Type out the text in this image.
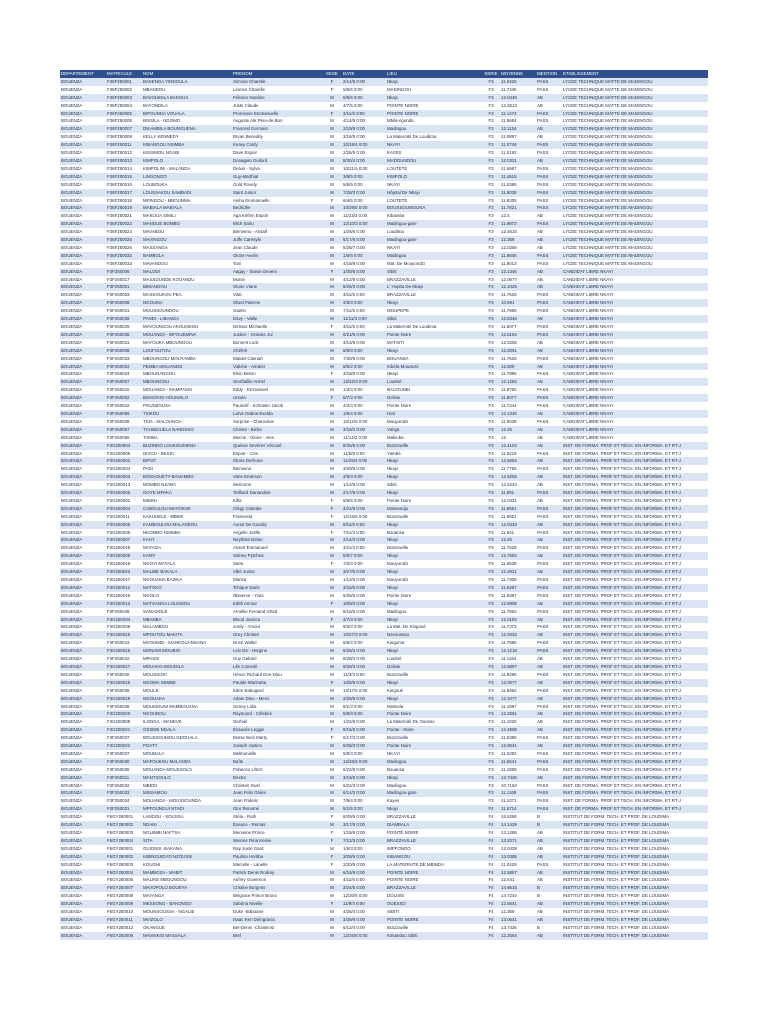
DEPARTEMENT	MATRICULE	NOM	PRENOM	SEXE	DATE	LIEU	SERIE	MOYENNE	MENTION	ETABLISSEMENT
BOUENZA	F36F250001	BAKENGA YINDOULA	Simone Charelle	F	2/14/5 0:00	Nkayi	F3	11.0425	PASS	LYCEE TECHNIQUE MATTE DE MADINGOU
BOUENZA	F36F250002	MBANDOU	Léonce Charelle	F	5/9/6 0:00	MADINGOU	F3	11.7436	PASS	LYCEE TECHNIQUE MATTE DE MADINGOU
BOUENZA	F36F250003	BAVOUIDILA BAKOUA	Félicien Nardine	M	6/5/6 0:00	Nkayi	F3	12.0449	AB	LYCEE TECHNIQUE MATTE DE MADINGOU
BOUENZA	F36F250004	BAYONDILA	Juste Claude	M	4/7/6 0:00	POINTE NOIRE	F3	12.2513	AB	LYCEE TECHNIQUE MATTE DE MADINGOU
BOUENZA	F36F250005	BIPOUNDA VOUALA	Promesse Emmanuelle	F	3/11/5 0:00	POINTE NOIRE	F3	11.1474	PASS	LYCEE TECHNIQUE MATTE DE MADINGOU
BOUENZA	F36F250006	BISSILA - NGOMO	Auguste Aïk Père-de-Bon	M	4/14/5 0:00	Mbila-ngonda	F3	11.8654	PASS	LYCEE TECHNIQUE MATTE DE MADINGOU
BOUENZA	F36F250007	DIKAMBILA BOUNGUENA	Francesl Germain	M	3/19/5 0:00	Madingou	F3	12.1154	AB	LYCEE TECHNIQUE MATTE DE MADINGOU
BOUENZA	F36F250008	KELLY KENNEDY	Bryan Benedity	M	3/16/5 0:00	La Maternité De Loudima	F3	11.0897	AB	LYCEE TECHNIQUE MATTE DE MADINGOU
BOUENZA	F36F250011	KIBANGOU NSIMBA	Keavy Cindy	M	10/19/4 0:00	NKAYI	F3	11.0748	PASS	LYCEE TECHNIQUE MATTE DE MADINGOU
BOUENZA	F36F250012	KISSIMOU NGABI	Dave Espoir	M	2/26/5 0:00	KAYES	F3	11.5192	PASS	LYCEE TECHNIQUE MATTE DE MADINGOU
BOUENZA	F36F250013	KIMPOLO	Donagelo Guilord	M	8/30/4 0:00	MADOUNDOU	F3	12.0321	AB	LYCEE TECHNIQUE MATTE DE MADINGOU
BOUENZA	F36F250014	KIMPOLINI - MALANDA	Delvin - Sylva	M	10/21/4 0:00	LOUTETE	F3	11.6667	PASS	LYCEE TECHNIQUE MATTE DE MADINGOU
BOUENZA	F36F250015	LINGONGO	Guy-Marthial	M	3/8/5 0:00	KIMPOLO	F3	11.4615	PASS	LYCEE TECHNIQUE MATTE DE MADINGOU
BOUENZA	F36F250016	LOUBOUKA	Gold Rovely	M	5/5/5 0:00	NKAYI	F3	11.5385	PASS	LYCEE TECHNIQUE MATTE DE MADINGOU
BOUENZA	F36F250017	LOUSSAKOU SAMBADI	Saint Junior	M	7/28/3 0:00	Hôpital De Nkayi	F3	11.9038	PASS	LYCEE TECHNIQUE MATTE DE MADINGOU
BOUENZA	F36F250018	MFINGOU - MBOUNMA	Aisha Emmanuelle	F	6/4/5 0:00	LOUTETE	F3	11.8205	PASS	LYCEE TECHNIQUE MATTE DE MADINGOU
BOUENZA	F36F250019	MABIALA MABIALA	Bedridhe	M	10/29/5 0:00	BOUSSOUMOUNA	F3	11.7821	PASS	LYCEE TECHNIQUE MATTE DE MADINGOU
BOUENZA	F36F250021	MAKOUA SIMILI	Aga Kéfrim Espoir	M	11/23/3 0:00	Kibamba	F3	12.5	AB	LYCEE TECHNIQUE MATTE DE MADINGOU
BOUENZA	F36F250022	MANGUE BOMBO	Mich Sairu	M	12/10/3 0:00	Madingou-gare	F3	11.9872	PASS	LYCEE TECHNIQUE MATTE DE MADINGOU
BOUENZA	F36F250024	MAVABOU	Bienvenu - Assalf	M	1/25/6 0:00	Loudima	F3	12.4615	AB	LYCEE TECHNIQUE MATTE DE MADINGOU
BOUENZA	F36F250025	MAVINGOU	Juffe Caresyle	M	6/17/5 0:00	Madingou-gare	F3	12.359	AB	LYCEE TECHNIQUE MATTE DE MADINGOU
BOUENZA	F36F250026	MASSANGA	Jean Claude	M	5/28/7 0:00	NKAYI	F3	12.0256	AB	LYCEE TECHNIQUE MATTE DE MADINGOU
BOUENZA	F36F250032	BAMBOLA	Gloire-Avelin	M	1/5/6 0:00	Madingou	F3	11.8846	PASS	LYCEE TECHNIQUE MATTE DE MADINGOU
BOUENZA	F36F250033	MAVANDOU	Toni	M	4/19/6 0:00	Mat. De Mouyondzi	F3	11.8013	PASS	LYCEE TECHNIQUE MATTE DE MADINGOU
BOUENZA	F3F250006	MALODI	Aagay - Sarvie Devers	F	1/30/5 0:00	Sibiti	F3	12.1346	AB	CANDIDAT LIBRE NKAYI
BOUENZA	F3F250017	MASSOUNDE KOUANDU	Moïse	M	4/12/5 0:00	BRAZZAVILLE	F3	12.0577	AB	CANDIDAT LIBRE NKAYI
BOUENZA	F3F250001	BIMANGOU	Gloire Viane	M	6/28/3 0:00	L' Hopita De Nkayi	F3	12.1026	AB	CANDIDAT LIBRE NKAYI
BOUENZA	F3F250003	MASSOUKOU PEA	Vital	M	3/11/5 0:00	BRAZZAVILLE	F3	11.7628	PASS	CANDIDAT LIBRE NKAYI
BOUENZA	F3F250008	NGOUMA	Obed Paterne	M	4/5/3 0:00	Nkayi	F3	10.891	PASS	CANDIDAT LIBRE NKAYI
BOUENZA	F3F250041	MOUSSOUNDOU	Gaetin	M	7/11/5 0:00	MOUPEPE	F3	11.7885	PASS	CANDIDAT LIBRE NKAYI
BOUENZA	F3F250039	PANDI - LIBANGA	Davy - Vallie	M	11/11/3 0:00	Sibiti	F3	12.6346	AB	CANDIDAT LIBRE NKAYI
BOUENZA	F3F250029	MAVOUNGOU AKOUNDOU	Delsios Michaelle	F	3/11/5 0:00	La Maternité De Loudima	F3	11.6077	PASS	CANDIDAT LIBRE NKAYI
BOUENZA	F3F250035	MOUANDA - BIFOUEMINA	Justice - Gracias Jor	M	6/21/6 0:00	Pointe Noire	F3	12.6154	PASS	CANDIDAT LIBRE NKAYI
BOUENZA	F3F250031	MAYOUKA MBOUNGOU	Borvent Luck	M	3/13/5 0:00	MATSITI	F3	12.0256	AB	CANDIDAT LIBRE NKAYI
BOUENZA	F3F250008	LOUFOUTOU	Chéhrk	M	8/8/3 0:00	Nkayi	F3	12.2051	AB	CANDIDAT LIBRE NKAYI
BOUENZA	F3F250033	MBOUNGOU MOUYAMBA	Maidet Clamart	M	7/30/5 0:00	BOUANSA	F3	11.7628	PASS	CANDIDAT LIBRE NKAYI
BOUENZA	F3F250002	PEMBA MOUANDO	Vidiche - Amdrer	M	8/5/2 0:00	Kibéla-Mouanzé	F3	12.609	AB	CANDIDAT LIBRE NKAYI
BOUENZA	F3F250034	MBOUNANGOU	Elvin Belvin	F	3/18/5 0:00	Nkayi	F3	11.7885	PASS	CANDIDAT LIBRE NKAYI
BOUENZA	F3F250007	MBOUNGOU	Geoftaillie Armel	M	12/22/3 0:00	Loutété	F3	12.1282	AB	CANDIDAT LIBRE NKAYI
BOUENZA	F3F250015	MOUANDA - MAMPASSI	Eddy - Emmanuel	M	1/3/3 0:00	BACOUNBI	F3	11.8782	PASS	CANDIDAT LIBRE NKAYI
BOUENZA	F3F250002	BISSONIO HOUKIELO	Ursula	F	6/7/3 0:00	Dolisie	F3	11.8077	PASS	CANDIDAT LIBRE NKAYI
BOUENZA	F3F250042	POUNZOUSA	Paulvolf - Schraiter Jacob	M	4/2/3 0:00	Pointe Noire	F3	11.7244	PASS	CANDIDAT LIBRE NKAYI
BOUENZA	F3F250059	TSIKOU	Larve Dabna Exelda	M	1/5/4 0:00	Hoti	F3	12.1346	AB	CANDIDAT LIBRE NKAYI
BOUENZA	F3F250028	TSIA - MALOUNGA	Surprise - Chancelve	M	10/12/5 0:00	Mouyondzi	F3	11.9038	PASS	CANDIDAT LIBRE NKAYI
BOUENZA	F3F250057	TCHIBOUELA NANDSSO	Christe - Biche	M	3/18/2 0:00	Yanga	F3	12.25	AB	CANDIDAT LIBRE NKAYI
BOUENZA	F3F250056	TAMBA	Mercie - Gloire - Alex	M	11/14/2 0:00	Malimba	F3	12	AB	CANDIDAT LIBRE NKAYI
BOUENZA	F3G250004	BUZINDO LOUKOUDIENA	Quelvie Sevérier Vécuné	M	8/25/6 0:00	Brazzaville	F3	12.4103	AB	INST. DE FORMA. PROF ET TECH. EN INFORMA. ET RT-J
BOUENZA	F3G250005	DIVOU - BESSI	Espoir - Cins	M	11/6/9 0:00	Yamba	F3	11.6218	PASS	INST. DE FORMA. PROF ET TECH. EN INFORMA. ET RT-J
BOUENZA	F3G250002	BIPOT	Gloire Derhone	M	11/29/4 0:00	Nkayi	F3	12.5654	AB	INST. DE FORMA. PROF ET TECH. EN INFORMA. ET RT-J
BOUENZA	F3G250034	PADI	Bienvenu	M	3/29/5 0:00	Nkayi	F3	11.7756	PASS	INST. DE FORMA. PROF ET TECH. EN INFORMA. ET RT-J
BOUENZA	F3G250003	BONAOUETY-BANAMBO	Vane Emerson	M	4/9/3 0:00	Nkayi	F3	12.5256	AB	INST. DE FORMA. PROF ET TECH. EN INFORMA. ET RT-J
BOUENZA	F3G250013	MOMBO NZABA	Welcome	M	1/14/5 0:00	Sibiti	F3	12.2244	AB	INST. DE FORMA. PROF ET TECH. EN INFORMA. ET RT-J
BOUENZA	F3G250005	GOYE MPAKA	Teilhard Danandise	M	2/17/5 0:00	Nkayi	F3	11.891	PASS	INST. DE FORMA. PROF ET TECH. EN INFORMA. ET RT-J
BOUENZA	F3G250002	MIDINI	Kifla	F	5/6/5 0:00	Pointe Noire	F3	12.0321	AB	INST. DE FORMA. PROF ET TECH. EN INFORMA. ET RT-J
BOUENZA	F3G250004	CABOULOU-MAYOKOK	Clégy Clotedie	F	4/22/8 0:00	Mossendjo	F3	11.9551	PASS	INST. DE FORMA. PROF ET TECH. EN INFORMA. ET RT-J
BOUENZA	F3G250011	KAKHUELE - MBIMI	Francesla	F	12/15/6 0:00	Brazzaville	F3	11.9551	PASS	INST. DE FORMA. PROF ET TECH. EN INFORMA. ET RT-J
BOUENZA	F3G250006	KAMBOULOU-MALANDOU	Auriol De Gourdy	M	9/11/6 0:00	Nkayi	F3	12.0333	AB	INST. DE FORMA. PROF ET TECH. EN INFORMA. ET RT-J
BOUENZA	F3G250036	NKOMBO NSIMBA	Angelle Joëlle	F	7/11/3 0:00	Bouansa	F3	11.641	PASS	INST. DE FORMA. PROF ET TECH. EN INFORMA. ET RT-J
BOUENZA	F3G250007	KAHY	Neythiss Delan	M	2/14/3 0:00	Nkayi	F3	12.25	AB	INST. DE FORMA. PROF ET TECH. EN INFORMA. ET RT-J
BOUENZA	F3G250049	MAYAGA	Assert Emmanuel	M	3/11/3 0:00	Brazzaville	F3	11.7628	PASS	INST. DE FORMA. PROF ET TECH. EN INFORMA. ET RT-J
BOUENZA	F3G250008	KAMY	Sidney Pytchea	M	5/9/7 0:00	Nkayi	F3	12.7692	AB	INST. DE FORMA. PROF ET TECH. EN INFORMA. ET RT-J
BOUENZA	F3G250048	NGOYI MATALA	Saïra	F	7/2/3 0:00	Mouyondzi	F3	11.6538	PASS	INST. DE FORMA. PROF ET TECH. EN INFORMA. ET RT-J
BOUENZA	F3G250043	MALIBE BAKALA	Albé Junior	M	3/27/6 0:00	Nkayi	F3	12.2821	AB	INST. DE FORMA. PROF ET TECH. EN INFORMA. ET RT-J
BOUENZA	F3G250047	NGOUAMA BAZIKA	Marisa	M	1/12/6 0:00	Mouyondzi	F3	11.7308	PASS	INST. DE FORMA. PROF ET TECH. EN INFORMA. ET RT-J
BOUENZA	F3G250012	MATOKO	Tchique Daris	M	3/15/6 0:00	Nkayi	F3	11.0487	PASS	INST. DE FORMA. PROF ET TECH. EN INFORMA. ET RT-J
BOUENZA	F3G250046	NGOLO	Nlaverse - Yvàs	M	6/25/5 0:00	Pointe Noire	F3	11.8397	PASS	INST. DE FORMA. PROF ET TECH. EN INFORMA. ET RT-J
BOUENZA	F3G250013	MATSANGA LOUNDOU	Edith Amour	F	10/9/3 0:00	Nkayi	F3	12.9808	AB	INST. DE FORMA. PROF ET TECH. EN INFORMA. ET RT-J
BOUENZA	F3F250045	SAMADOLE	Arnellie Fernand Ghad	M	8/16/5 0:00	Madingou	F3	11.7692	PASS	INST. DE FORMA. PROF ET TECH. EN INFORMA. ET RT-J
BOUENZA	F3G250034	MBANBA	Blood Jessica	F	4/7/3 0:00	Nkayi	F3	12.0192	AB	INST. DE FORMA. PROF ET TECH. EN INFORMA. ET RT-J
BOUENZA	F3G250036	MALAMBOU	Jordy - Amour	M	9/3/3 0:00	La Mat. De Kingoué	F3	11.7372	PASS	INST. DE FORMA. PROF ET TECH. EN INFORMA. ET RT-J
BOUENZA	F3G250015	MPOUTOU MAKITA	Grey Christel	M	10/27/3 0:00	Nzeoussou	F3	12.3333	AB	INST. DE FORMA. PROF ET TECH. EN INFORMA. ET RT-J
BOUENZA	F3F250043	MVOUMBI - SIANKOUANGANA	Dricé Walter	M	6/6/4 0:00	Kingoma	F3	11.7885	PASS	INST. DE FORMA. PROF ET TECH. EN INFORMA. ET RT-J
BOUENZA	F3G250016	MONAMI MOUBIO	Leix De - Horgine	M	6/25/4 0:00	Nkayi	F3	12.1218	PASS	INST. DE FORMA. PROF ET TECH. EN INFORMA. ET RT-J
BOUENZA	F3F250042	MPASSI	Guy Gabriel	M	8/28/2 0:00	Loutété	F3	11.1154	AB	INST. DE FORMA. PROF ET TECH. EN INFORMA. ET RT-J
BOUENZA	F3G250017	MOUAKO-MOUDILA	Life Consolé	M	8/29/3 0:00	Dolisie	F3	12.5897	AB	INST. DE FORMA. PROF ET TECH. EN INFORMA. ET RT-J
BOUENZA	F3F250040	MOUSSOKI	Hénoc Richard Don-Dieu	M	11/3/3 0:00	Brazzaville	F3	11.9295	PASS	INST. DE FORMA. PROF ET TECH. EN INFORMA. ET RT-J
BOUENZA	F3G250018	NGOMA SEMBE	Paulde Marinetta	F	10/6/6 0:00	Nkayi	F3	12.0577	AB	INST. DE FORMA. PROF ET TECH. EN INFORMA. ET RT-J
BOUENZA	F3F250039	MOULE	Eden Eabogard	M	10/17/6 0:00	Kingoué	F3	11.8462	PASS	INST. DE FORMA. PROF ET TECH. EN INFORMA. ET RT-J
BOUENZA	F3G250019	NGOUAKA	Adam Dieu - Merci	M	2/25/6 0:00	Nkayi	F3	12.1077	AB	INST. DE FORMA. PROF ET TECH. EN INFORMA. ET RT-J
BOUENZA	F3F250038	MOUMOUNI MAMBOUANA	Geney Lidia	M	8/1/3 0:00	Mintsela	F3	11.1897	PASS	INST. DE FORMA. PROF ET TECH. EN INFORMA. ET RT-J
BOUENZA	F3G250020	NGOUBOU	Raymond - Célebes	M	5/8/3 0:00	Pointe Noire	F3	12.2551	AB	INST. DE FORMA. PROF ET TECH. EN INFORMA. ET RT-J
BOUENZA	F3G250009	ILONGA - MANEVE	Gerhiel	M	1/22/6 0:00	La Maternité De Ouesso	F3	11.1026	AB	INST. DE FORMA. PROF ET TECH. EN INFORMA. ET RT-J
BOUENZA	F3G250021	OSSEBI NGALA	Éxaucée Leggie	F	8/15/5 0:00	Pointe - Noire	F3	12.4808	AB	INST. DE FORMA. PROF ET TECH. EN INFORMA. ET RT-J
BOUENZA	F3F250037	BOUSSOUMOU NDOUALA	Moïse Beni Marty	F	6/17/3 0:00	Brazzaville	F3	11.5385	PASS	INST. DE FORMA. PROF ET TECH. EN INFORMA. ET RT-J
BOUENZA	F3G250022	POATY	Joseph Justice	M	8/28/3 0:00	Pointe Noire	F3	12.0641	AB	INST. DE FORMA. PROF ET TECH. EN INFORMA. ET RT-J
BOUENZA	F3F250037	MOUBALA	Mekhonielle	M	5/9/3 0:00	NKAYI	F3	11.6282	PASS	INST. DE FORMA. PROF ET TECH. EN INFORMA. ET RT-J
BOUENZA	F3F250030	MAFOUKOU MALANDA	Boîte	M	12/26/5 0:00	Madingou	F3	11.5641	PASS	INST. DE FORMA. PROF ET TECH. EN INFORMA. ET RT-J
BOUENZA	F3F250036	MOUANDA MOUSSOLO	Pobenco Ulrich	M	6/22/5 0:00	Bouansa	F3	11.1859	PASS	INST. DE FORMA. PROF ET TECH. EN INFORMA. ET RT-J
BOUENZA	F3F250011	MANTSOULO	Dextre	M	3/19/5 0:00	Nkayi	F3	12.7436	AB	INST. DE FORMA. PROF ET TECH. EN INFORMA. ET RT-J
BOUENZA	F3F250032	MBEDI	Christen Guël	M	6/22/3 0:00	Madingou	F3	10.7163	PASS	INST. DE FORMA. PROF ET TECH. EN INFORMA. ET RT-J
BOUENZA	F3F250033	MISSAMOU	Jean Felix Gloire	M	6/14/3 0:00	Madingou-gare	F3	11.1169	PASS	INST. DE FORMA. PROF ET TECH. EN INFORMA. ET RT-J
BOUENZA	F3F250034	MOUANDA - MOUSSOUNDA	Jean Frideric	M	7/9/4 0:00	Kayes	F3	11.1071	PASS	INST. DE FORMA. PROF ET TECH. EN INFORMA. ET RT-J
BOUENZA	F3F250031	MPFOUNGUI NTADI	Glor Renomé	M	5/1/5 0:00	Nkayi	F4	11.5714	PASS	INST. DE FORMA. PROF ET TECH. EN INFORMA. ET RT-J
BOUENZA	F6GY250001	LANDOU - SOUSSA	Stéla - Ruth	F	8/29/6 0:00	BRAZZAVILLE	F4	15.6286	B	INSTITUT DE FORM. TECH. ET PROF. DE LOUDIMA
BOUENZA	F6GY250002	NDANI	Éxauce - Remas	M	3/17/5 0:00	DIAMBALA	F4	14.1429	B	INSTITUT DE FORM. TECH. ET PROF. DE LOUDIMA
BOUENZA	F6GY250003	NGUIMBI NAFTSA	Merveine Prince	F	1/18/6 0:00	POINTE NOIRE	F4	13.1286	AB	INSTITUT DE FORM. TECH. ET PROF. DE LOUDIMA
BOUENZA	F6GY250004	SITA	Weinne Rina Keinie	F	7/12/3 0:00	BRAZZAVILLE	F4	13.2071	AB	INSTITUT DE FORM. TECH. ET PROF. DE LOUDIMA
BOUENZA	F6GY250001	GUIGNIS -BAKANA	Ray Juste Gard	M	1/8/3 0:00	IMPFONDO	F4	12.0429	AB	INSTITUT DE FORM. TECH. ET PROF. DE LOUDIMA
BOUENZA	F6GY250002	KIBINGUIDYO NZOUSSI	Paulina Hortiba	F	3/29/6 0:00	KIBANGOU	F4	13.0385	AB	INSTITUT DE FORM. TECH. ET PROF. DE LOUDIMA
BOUENZA	F6GY250003	KOUGHI	Marcelle - Lanelle	F	2/20/5 0:00	LA MATERNITE DE MBINDA	F4	11.0429	PASS	INSTITUT DE FORM. TECH. ET PROF. DE LOUDIMA
BOUENZA	F6GY250004	MAMBOZA - MABIT	Patrick Denis Rodrey	M	6/16/6 0:00	POINTE NOIRE	F4	12.5897	AB	INSTITUT DE FORM. TECH. ET PROF. DE LOUDIMA
BOUENZA	F6GY250005	MALIKE MBOUNGOU	Aufrey Governon	M	4/11/6 0:00	POINTE NOIRE	F4	12.641	AB	INSTITUT DE FORM. TECH. ET PROF. DE LOUDIMA
BOUENZA	F6GY250007	MAVOPOLO BOUEYA	Cristine Burgess	M	3/24/5 0:00	BRAZZAVILLE	F4	14.9615	B	INSTITUT DE FORM. TECH. ET PROF. DE LOUDIMA
BOUENZA	F6GY250008	MAYANGA	Belgrace Prince Bruno	M	12/20/6 0:00	DOLISIE	F4	14.7244	B	INSTITUT DE FORM. TECH. ET PROF. DE LOUDIMA
BOUENZA	F6GY250009	MESSONG - BAKONGO	Sabrina Nivelle	F	11/9/4 0:00	OUESSO	F4	12.5641	AB	INSTITUT DE FORM. TECH. ET PROF. DE LOUDIMA
BOUENZA	F6GY250010	MOUNSOUSSA - NGALIE	Duke -Baboane	M	4/25/4 0:00	SIBITI	F4	12.359	AB	INSTITUT DE FORM. TECH. ET PROF. DE LOUDIMA
BOUENZA	F6GY250011	MVIZOLO	Isaac Ken Diéngracia	M	3/29/6 0:00	POINTE NOIRE	F4	13.0641	AB	INSTITUT DE FORM. TECH. ET PROF. DE LOUDIMA
BOUENZA	F6GY250012	OKANGUE	Bel-Dénis -Chainimsi	M	6/12/4 0:00	Brazzaville	F4	13.7436	B	INSTITUT DE FORM. TECH. ET PROF. DE LOUDIMA
BOUENZA	F6GY250006	MAVINKIO MASSALA	Brel	M	12/25/6 0:00	Kimandou Sibiti	F4	12.2564	AB	INSTITUT DE FORM. TECH. ET PROF. DE LOUDIMA
